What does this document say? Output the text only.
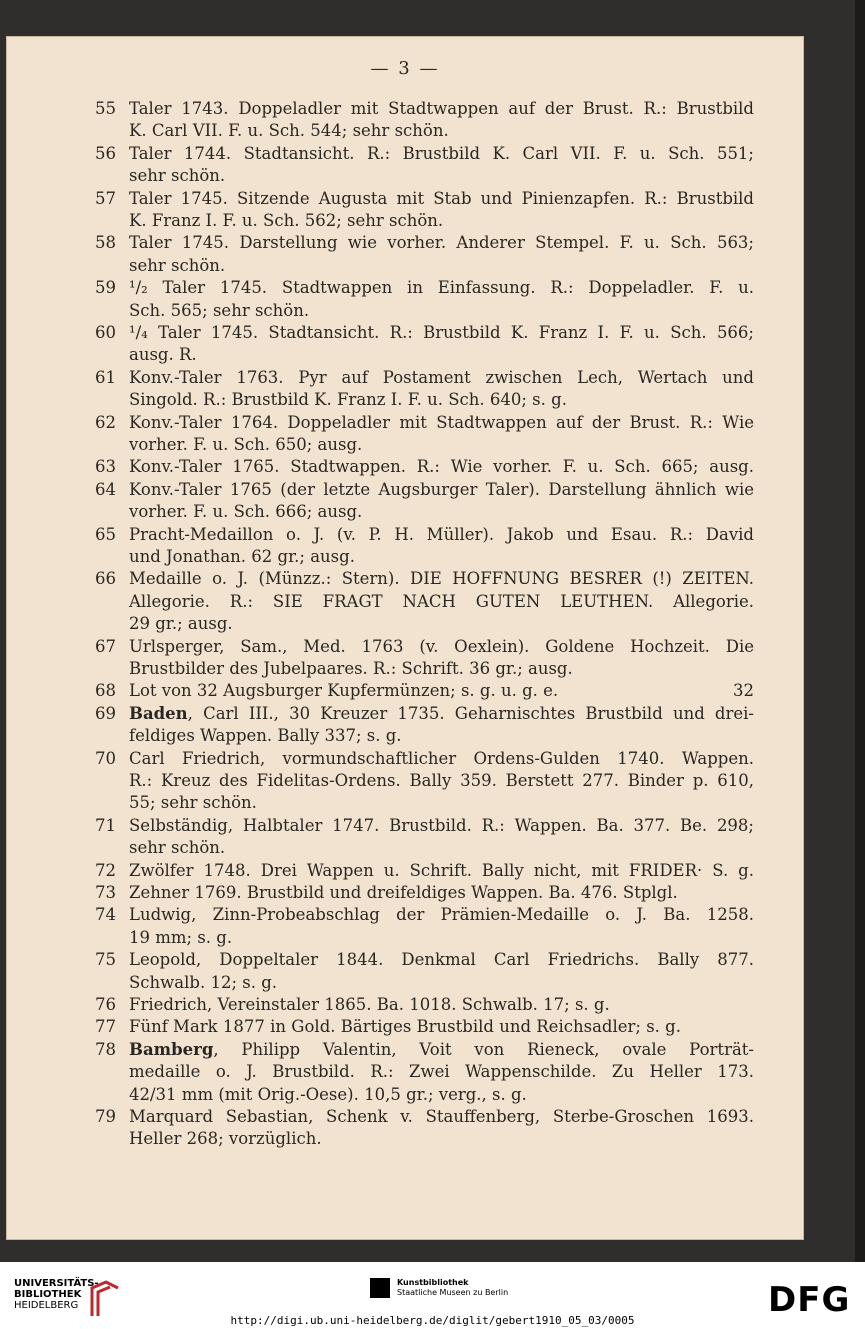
— 3 —
55 Taler 1743. Doppeladler mit Stadtwappen auf der Brust. R.: Brustbild
K. Carl VII. F. u. Sch. 544; sehr schön.
56 Taler 1744. Stadtansicht. R.: Brustbild K. Carl VII. F. u. Sch. 551;
sehr schön.
57 Taler 1745. Sitzende Augusta mit Stab und Pinienzapfen. R.: Brustbild
K. Franz I. F. u. Sch. 562; sehr schön.
58 Taler 1745. Darstellung wie vorher. Anderer Stempel. F. u. Sch. 563;
sehr schön.
59 ¹/₂ Taler 1745. Stadtwappen in Einfassung. R.: Doppeladler. F. u.
Sch. 565; sehr schön.
60 ¹/₄ Taler 1745. Stadtansicht. R.: Brustbild K. Franz I. F. u. Sch. 566;
ausg. R.
61 Konv.-Taler 1763. Pyr auf Postament zwischen Lech, Wertach und
Singold. R.: Brustbild K. Franz I. F. u. Sch. 640; s. g.
62 Konv.-Taler 1764. Doppeladler mit Stadtwappen auf der Brust. R.: Wie
vorher. F. u. Sch. 650; ausg.
63 Konv.-Taler 1765. Stadtwappen. R.: Wie vorher. F. u. Sch. 665; ausg.
64 Konv.-Taler 1765 (der letzte Augsburger Taler). Darstellung ähnlich wie
vorher. F. u. Sch. 666; ausg.
65 Pracht-Medaillon o. J. (v. P. H. Müller). Jakob und Esau. R.: David
und Jonathan. 62 gr.; ausg.
66 Medaille o. J. (Münzz.: Stern). DIE HOFFNUNG BESRER (!) ZEITEN.
Allegorie. R.: SIE FRAGT NACH GUTEN LEUTHEN. Allegorie.
29 gr.; ausg.
67 Urlsperger, Sam., Med. 1763 (v. Oexlein). Goldene Hochzeit. Die
Brustbilder des Jubelpaares. R.: Schrift. 36 gr.; ausg.
68 Lot von 32 Augsburger Kupfermünzen; s. g. u. g. e.	32
69 Baden, Carl III., 30 Kreuzer 1735. Geharnischtes Brustbild und drei-
feldiges Wappen. Bally 337; s. g.
70 Carl Friedrich, vormundschaftlicher Ordens-Gulden 1740. Wappen.
R.: Kreuz des Fidelitas-Ordens. Bally 359. Berstett 277. Binder p. 610,
55; sehr schön.
71 Selbständig, Halbtaler 1747. Brustbild. R.: Wappen. Ba. 377. Be. 298;
sehr schön.
72 Zwölfer 1748. Drei Wappen u. Schrift. Bally nicht, mit FRIDER· S. g.
73 Zehner 1769. Brustbild und dreifeldiges Wappen. Ba. 476. Stplgl.
74 Ludwig, Zinn-Probeabschlag der Prämien-Medaille o. J. Ba. 1258.
19 mm; s. g.
75 Leopold, Doppeltaler 1844. Denkmal Carl Friedrichs. Bally 877.
Schwalb. 12; s. g.
76 Friedrich, Vereinstaler 1865. Ba. 1018. Schwalb. 17; s. g.
77 Fünf Mark 1877 in Gold. Bärtiges Brustbild und Reichsadler; s. g.
78 Bamberg, Philipp Valentin, Voit von Rieneck, ovale Porträt-
medaille o. J. Brustbild. R.: Zwei Wappenschilde. Zu Heller 173.
42/31 mm (mit Orig.-Oese). 10,5 gr.; verg., s. g.
79 Marquard Sebastian, Schenk v. Stauffenberg, Sterbe-Groschen 1693.
Heller 268; vorzüglich.
UNIVERSITÄTS-
BIBLIOTHEK
HEIDELBERG
Kunstbibliothek
Staatliche Museen zu Berlin	DFG
http://digi.ub.uni-heidelberg.de/diglit/gebert1910_05_03/0005
